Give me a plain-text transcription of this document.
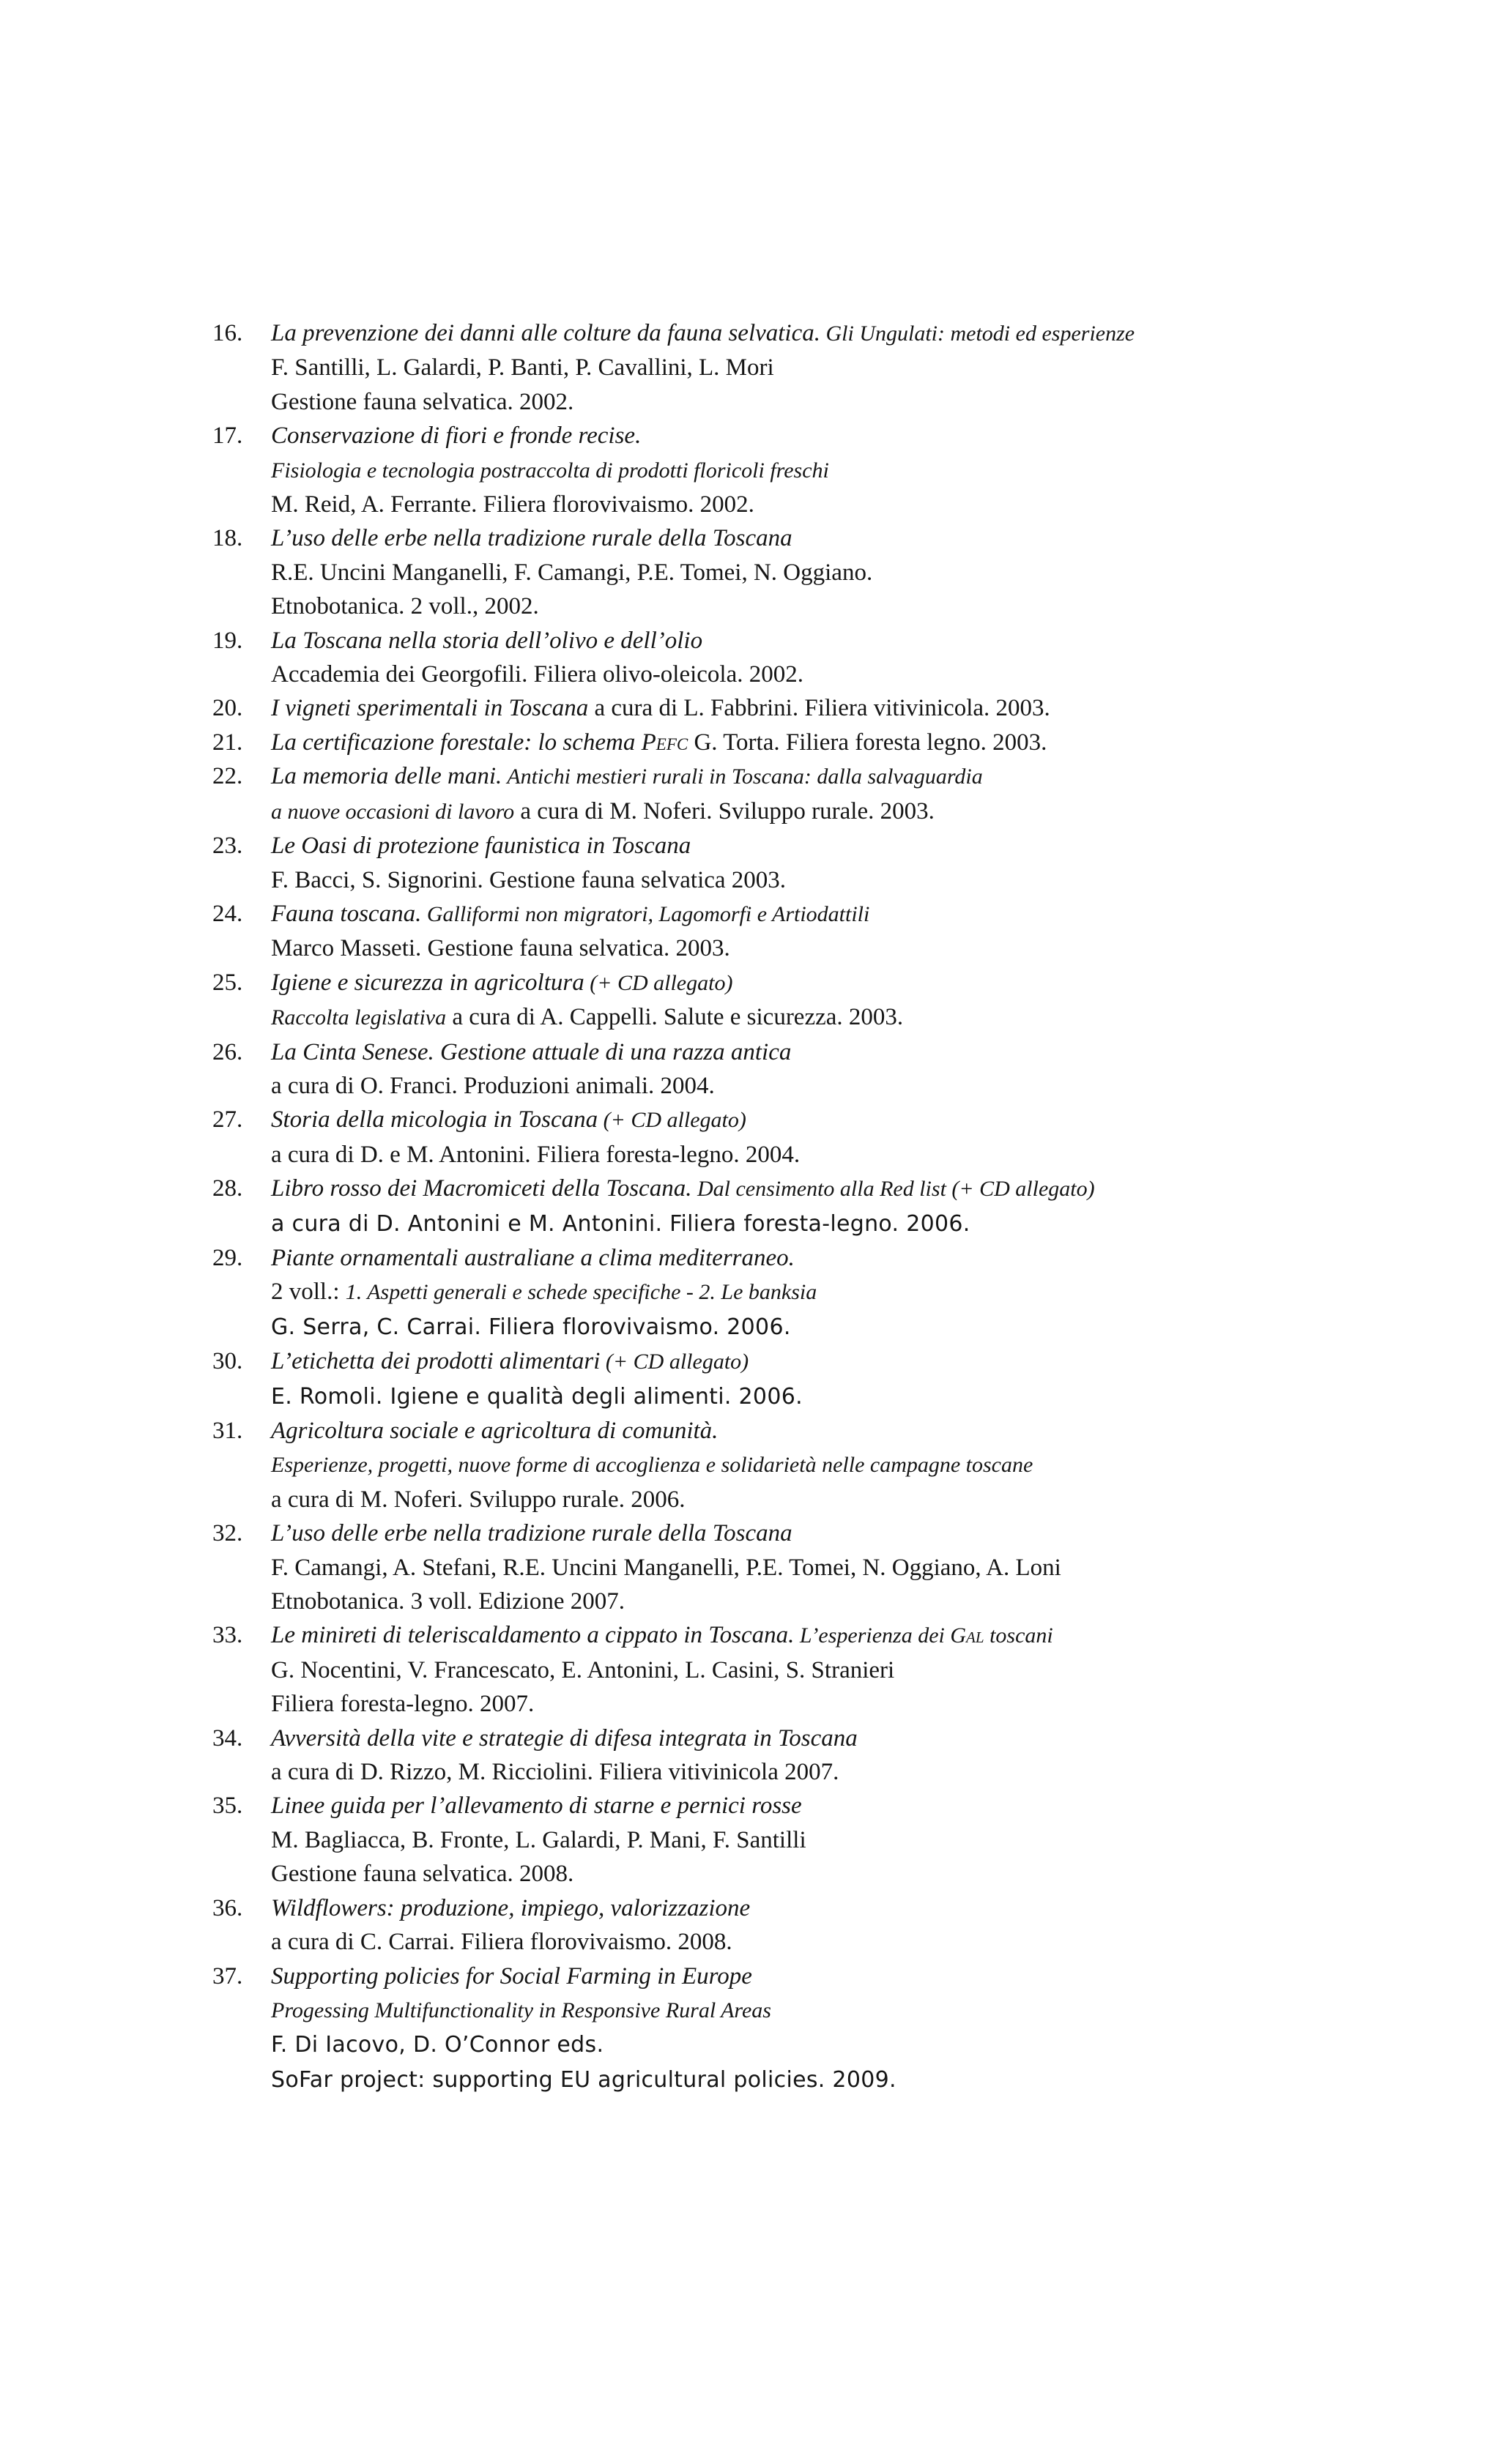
16.	La prevenzione dei danni alle colture da fauna selvatica. Gli Ungulati: metodi ed esperienze
F. Santilli, L. Galardi, P. Banti, P. Cavallini, L. Mori
Gestione fauna selvatica. 2002.
17.	Conservazione di fiori e fronde recise.
Fisiologia e tecnologia postraccolta di prodotti floricoli freschi
M. Reid, A. Ferrante. Filiera florovivaismo. 2002.
18.	L’uso delle erbe nella tradizione rurale della Toscana
R.E. Uncini Manganelli, F. Camangi, P.E. Tomei, N. Oggiano.
Etnobotanica. 2 voll., 2002.
19.	La Toscana nella storia dell’olivo e dell’olio
Accademia dei Georgofili. Filiera olivo-oleicola. 2002.
20.	I vigneti sperimentali in Toscana a cura di L. Fabbrini. Filiera vitivinicola. 2003.
21.	La certificazione forestale: lo schema Pefc G. Torta. Filiera foresta legno. 2003.
22.	La memoria delle mani. Antichi mestieri rurali in Toscana: dalla salvaguardia
a nuove occasioni di lavoro a cura di M. Noferi. Sviluppo rurale. 2003.
23.	Le Oasi di protezione faunistica in Toscana
F. Bacci, S. Signorini. Gestione fauna selvatica 2003.
24.	Fauna toscana. Galliformi non migratori, Lagomorfi e Artiodattili
Marco Masseti. Gestione fauna selvatica. 2003.
25.	Igiene e sicurezza in agricoltura (+ CD allegato)
Raccolta legislativa a cura di A. Cappelli. Salute e sicurezza. 2003.
26.	La Cinta Senese. Gestione attuale di una razza antica
a cura di O. Franci. Produzioni animali. 2004.
27.	Storia della micologia in Toscana (+ CD allegato)
a cura di D. e M. Antonini. Filiera foresta-legno. 2004.
28.	Libro rosso dei Macromiceti della Toscana. Dal censimento alla Red list (+ CD allegato)
a cura di D. Antonini e M. Antonini. Filiera foresta-legno. 2006.
29.	Piante ornamentali australiane a clima mediterraneo.
2 voll.: 1. Aspetti generali e schede specifiche - 2. Le banksia
G. Serra, C. Carrai. Filiera florovivaismo. 2006.
30.	L’etichetta dei prodotti alimentari (+ CD allegato)
E. Romoli. Igiene e qualità degli alimenti. 2006.
31.	Agricoltura sociale e agricoltura di comunità.
Esperienze, progetti, nuove forme di accoglienza e solidarietà nelle campagne toscane
a cura di M. Noferi. Sviluppo rurale. 2006.
32.	L’uso delle erbe nella tradizione rurale della Toscana
F. Camangi, A. Stefani, R.E. Uncini Manganelli, P.E. Tomei, N. Oggiano, A. Loni
Etnobotanica. 3 voll. Edizione 2007.
33.	Le minireti di teleriscaldamento a cippato in Toscana. L’esperienza dei Gal toscani
G. Nocentini, V. Francescato, E. Antonini, L. Casini, S. Stranieri
Filiera foresta-legno. 2007.
34.	Avversità della vite e strategie di difesa integrata in Toscana
a cura di D. Rizzo, M. Ricciolini. Filiera vitivinicola 2007.
35.	Linee guida per l’allevamento di starne e pernici rosse
M. Bagliacca, B. Fronte, L. Galardi, P. Mani, F. Santilli
Gestione fauna selvatica. 2008.
36.	Wildflowers: produzione, impiego, valorizzazione
a cura di C. Carrai. Filiera florovivaismo. 2008.
37.	Supporting policies for Social Farming in Europe
Progessing Multifunctionality in Responsive Rural Areas
F. Di Iacovo, D. O’Connor eds.
SoFar project: supporting EU agricultural policies. 2009.
